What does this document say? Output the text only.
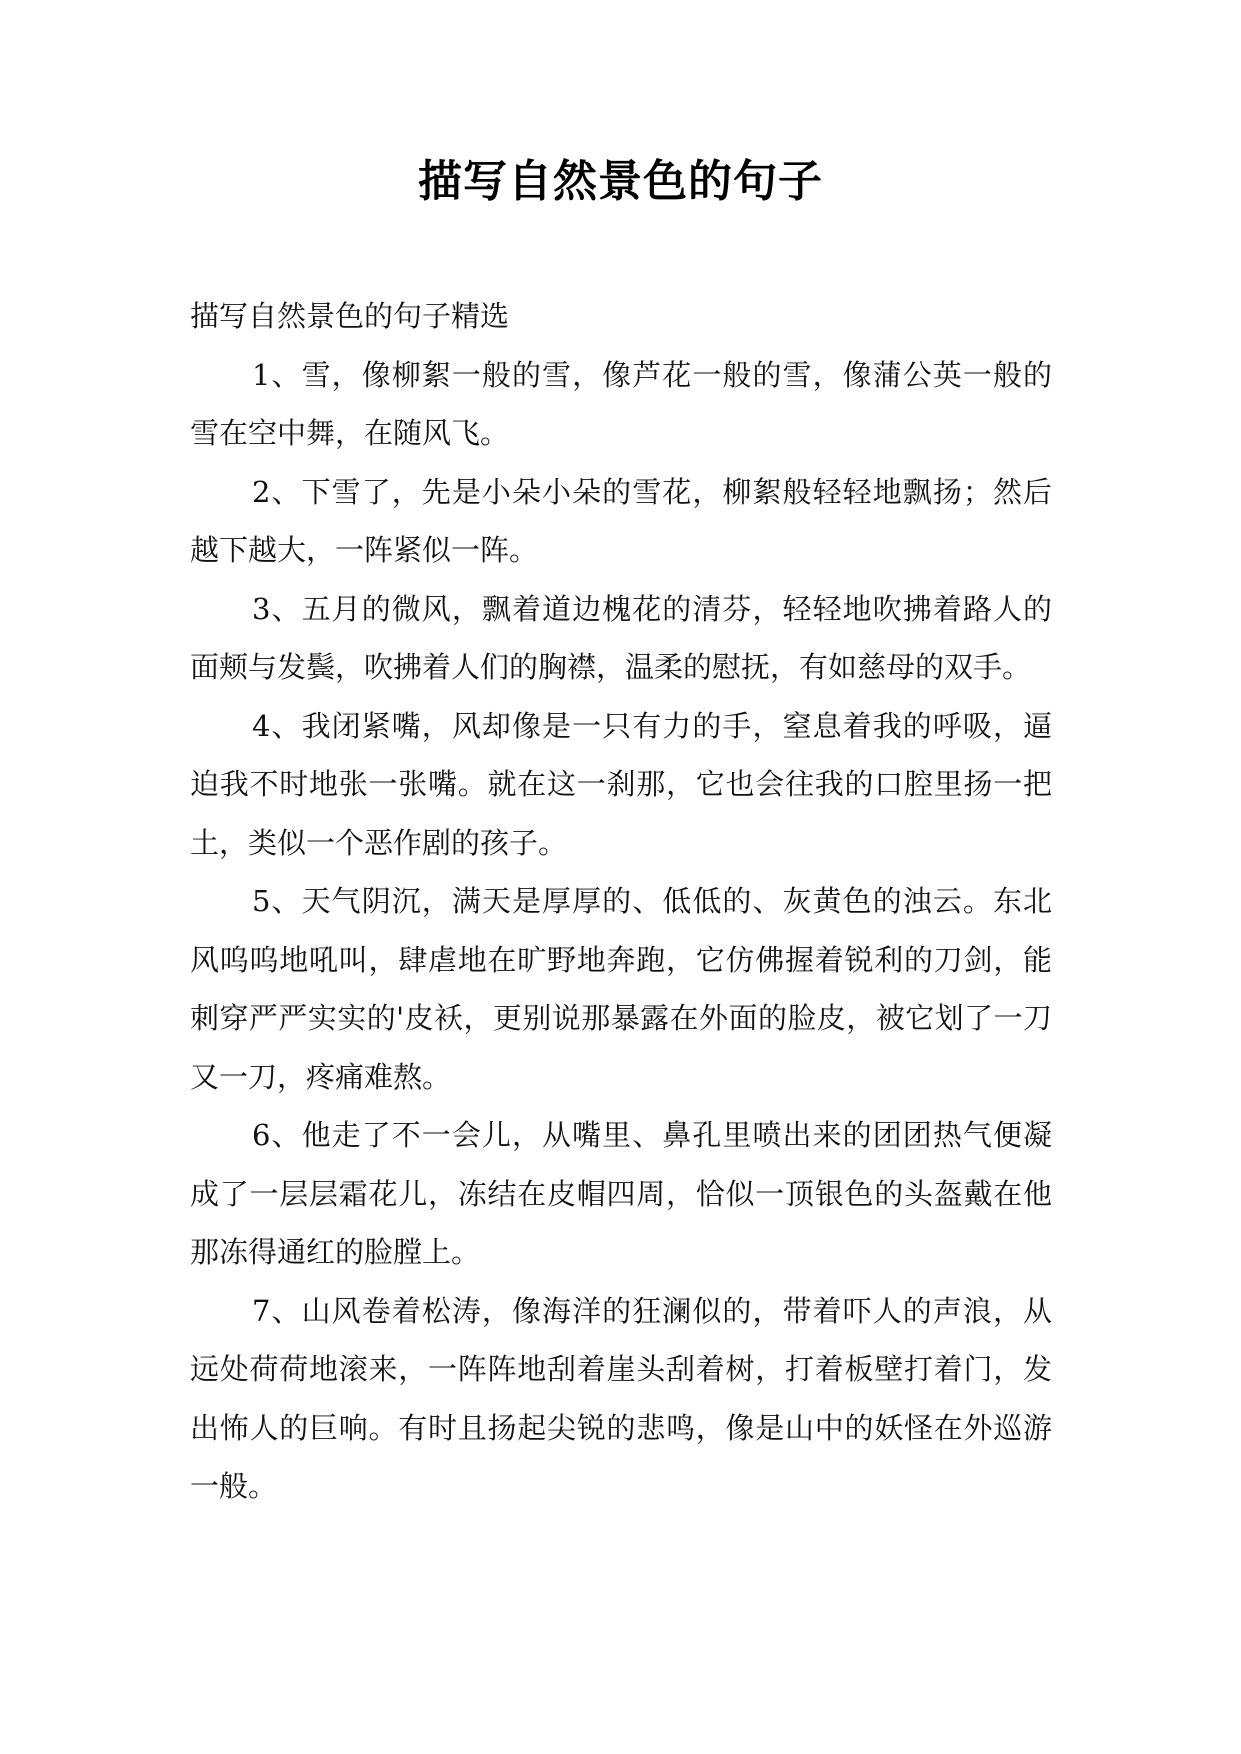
描写自然景色的句子

描写自然景色的句子精选

1、雪，像柳絮一般的雪，像芦花一般的雪，像蒲公英一般的雪在空中舞，在随风飞。

2、下雪了，先是小朵小朵的雪花，柳絮般轻轻地飘扬；然后越下越大，一阵紧似一阵。

3、五月的微风，飘着道边槐花的清芬，轻轻地吹拂着路人的面颊与发鬓，吹拂着人们的胸襟，温柔的慰抚，有如慈母的双手。

4、我闭紧嘴，风却像是一只有力的手，窒息着我的呼吸，逼迫我不时地张一张嘴。就在这一刹那，它也会往我的口腔里扬一把土，类似一个恶作剧的孩子。

5、天气阴沉，满天是厚厚的、低低的、灰黄色的浊云。东北风呜呜地吼叫，肆虐地在旷野地奔跑，它仿佛握着锐利的刀剑，能刺穿严严实实的'皮袄，更别说那暴露在外面的脸皮，被它划了一刀又一刀，疼痛难熬。

6、他走了不一会儿，从嘴里、鼻孔里喷出来的团团热气便凝成了一层层霜花儿，冻结在皮帽四周，恰似一顶银色的头盔戴在他那冻得通红的脸膛上。

7、山风卷着松涛，像海洋的狂澜似的，带着吓人的声浪，从远处荷荷地滚来，一阵阵地刮着崖头刮着树，打着板壁打着门，发出怖人的巨响。有时且扬起尖锐的悲鸣，像是山中的妖怪在外巡游一般。
